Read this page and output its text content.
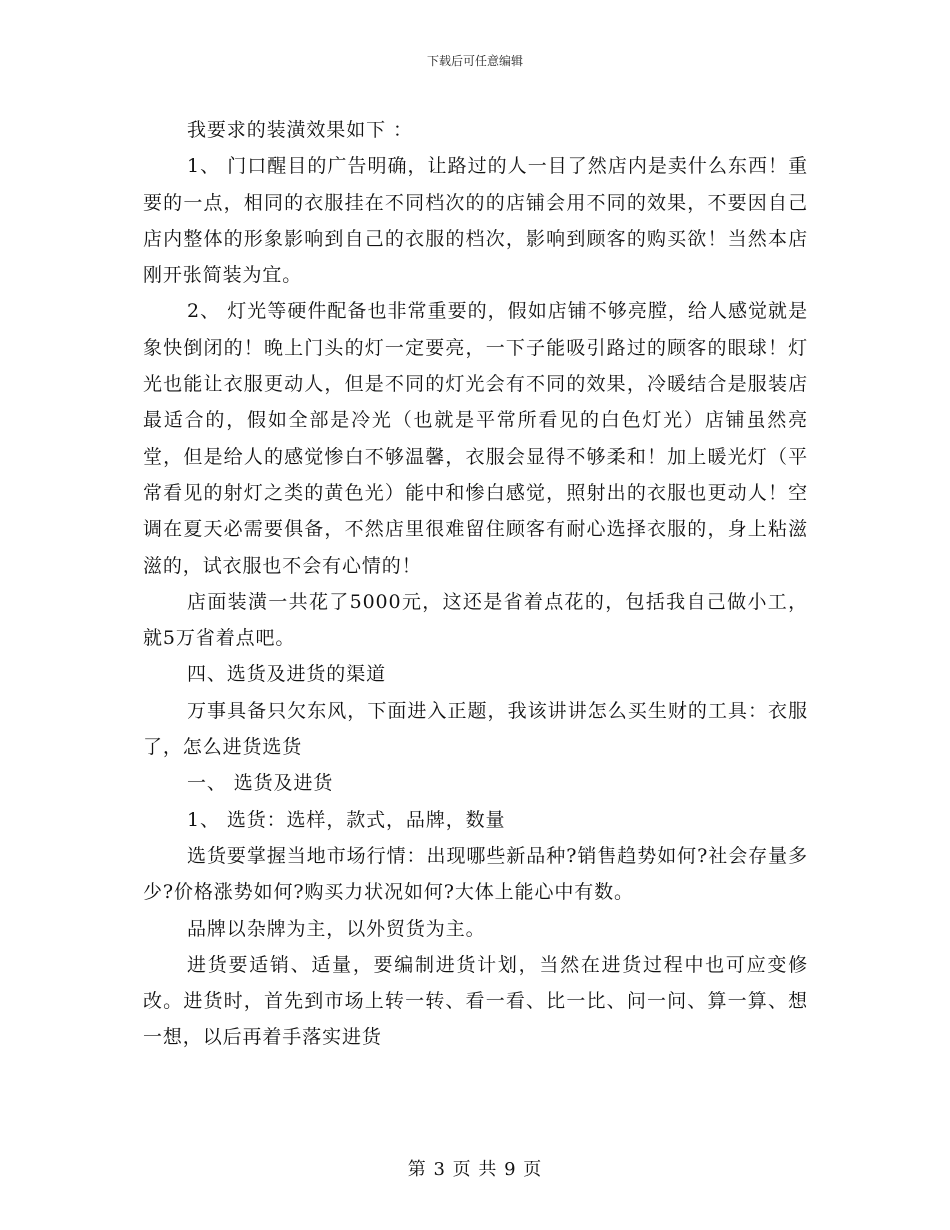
下载后可任意编辑

我要求的装潢效果如下 ：

1、 门口醒目的广告明确，让路过的人一目了然店内是卖什么东西！重要的一点，相同的衣服挂在不同档次的的店铺会用不同的效果，不要因自己店内整体的形象影响到自己的衣服的档次，影响到顾客的购买欲！当然本店刚开张简装为宜。

2、 灯光等硬件配备也非常重要的，假如店铺不够亮膛，给人感觉就是象快倒闭的！晚上门头的灯一定要亮，一下子能吸引路过的顾客的眼球！灯光也能让衣服更动人，但是不同的灯光会有不同的效果，冷暖结合是服装店最适合的，假如全部是冷光（也就是平常所看见的白色灯光）店铺虽然亮堂，但是给人的感觉惨白不够温馨，衣服会显得不够柔和！加上暖光灯（平常看见的射灯之类的黄色光）能中和惨白感觉，照射出的衣服也更动人！空调在夏天必需要俱备，不然店里很难留住顾客有耐心选择衣服的，身上粘滋滋的，试衣服也不会有心情的！

店面装潢一共花了5000元，这还是省着点花的，包括我自己做小工，就5万省着点吧。

四、选货及进货的渠道

万事具备只欠东风，下面进入正题，我该讲讲怎么买生财的工具：衣服了，怎么进货选货

一、 选货及进货

1、 选货：选样，款式，品牌，数量

选货要掌握当地市场行情：出现哪些新品种?销售趋势如何?社会存量多少?价格涨势如何?购买力状况如何?大体上能心中有数。

品牌以杂牌为主，以外贸货为主。

进货要适销、适量，要编制进货计划，当然在进货过程中也可应变修改。进货时，首先到市场上转一转、看一看、比一比、问一问、算一算、想一想，以后再着手落实进货

第 3 页 共 9 页
